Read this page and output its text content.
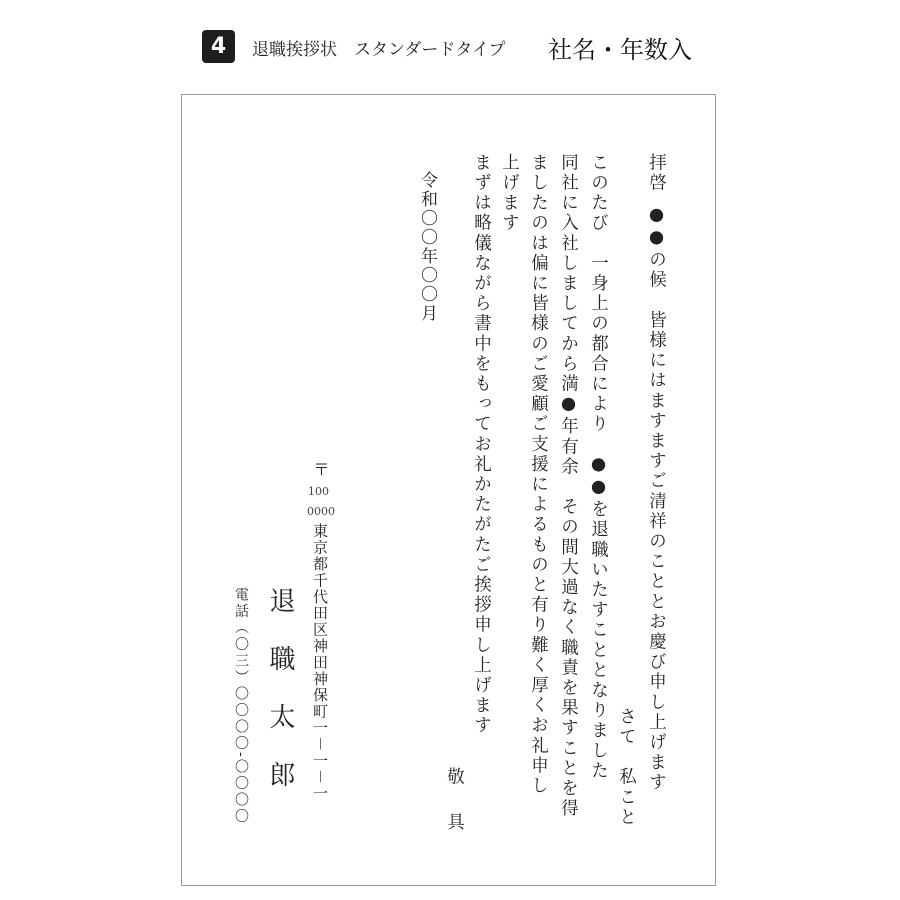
4	退職挨拶状　スタンダードタイプ 社名・年数入
拝啓
●●の候　皆様にはますますご清祥のこととお慶び申し上げます
さて　私こと
このたび　一身上の都合により　●●を退職いたすこととなりました
同社に入社しましてから満●年有余　その間大過なく職責を果すことを得
ましたのは偏に皆様のご愛顧ご支援によるものと有り難く厚くお礼申し
上げます
まずは略儀ながら書中をもってお礼かたがたご挨拶申し上げます
敬具
令和〇〇年〇〇月
〒
100
0000
東京都千代田区神田神保町一－一－一
退職太郎
電話（〇三）〇〇〇〇-〇〇〇〇
